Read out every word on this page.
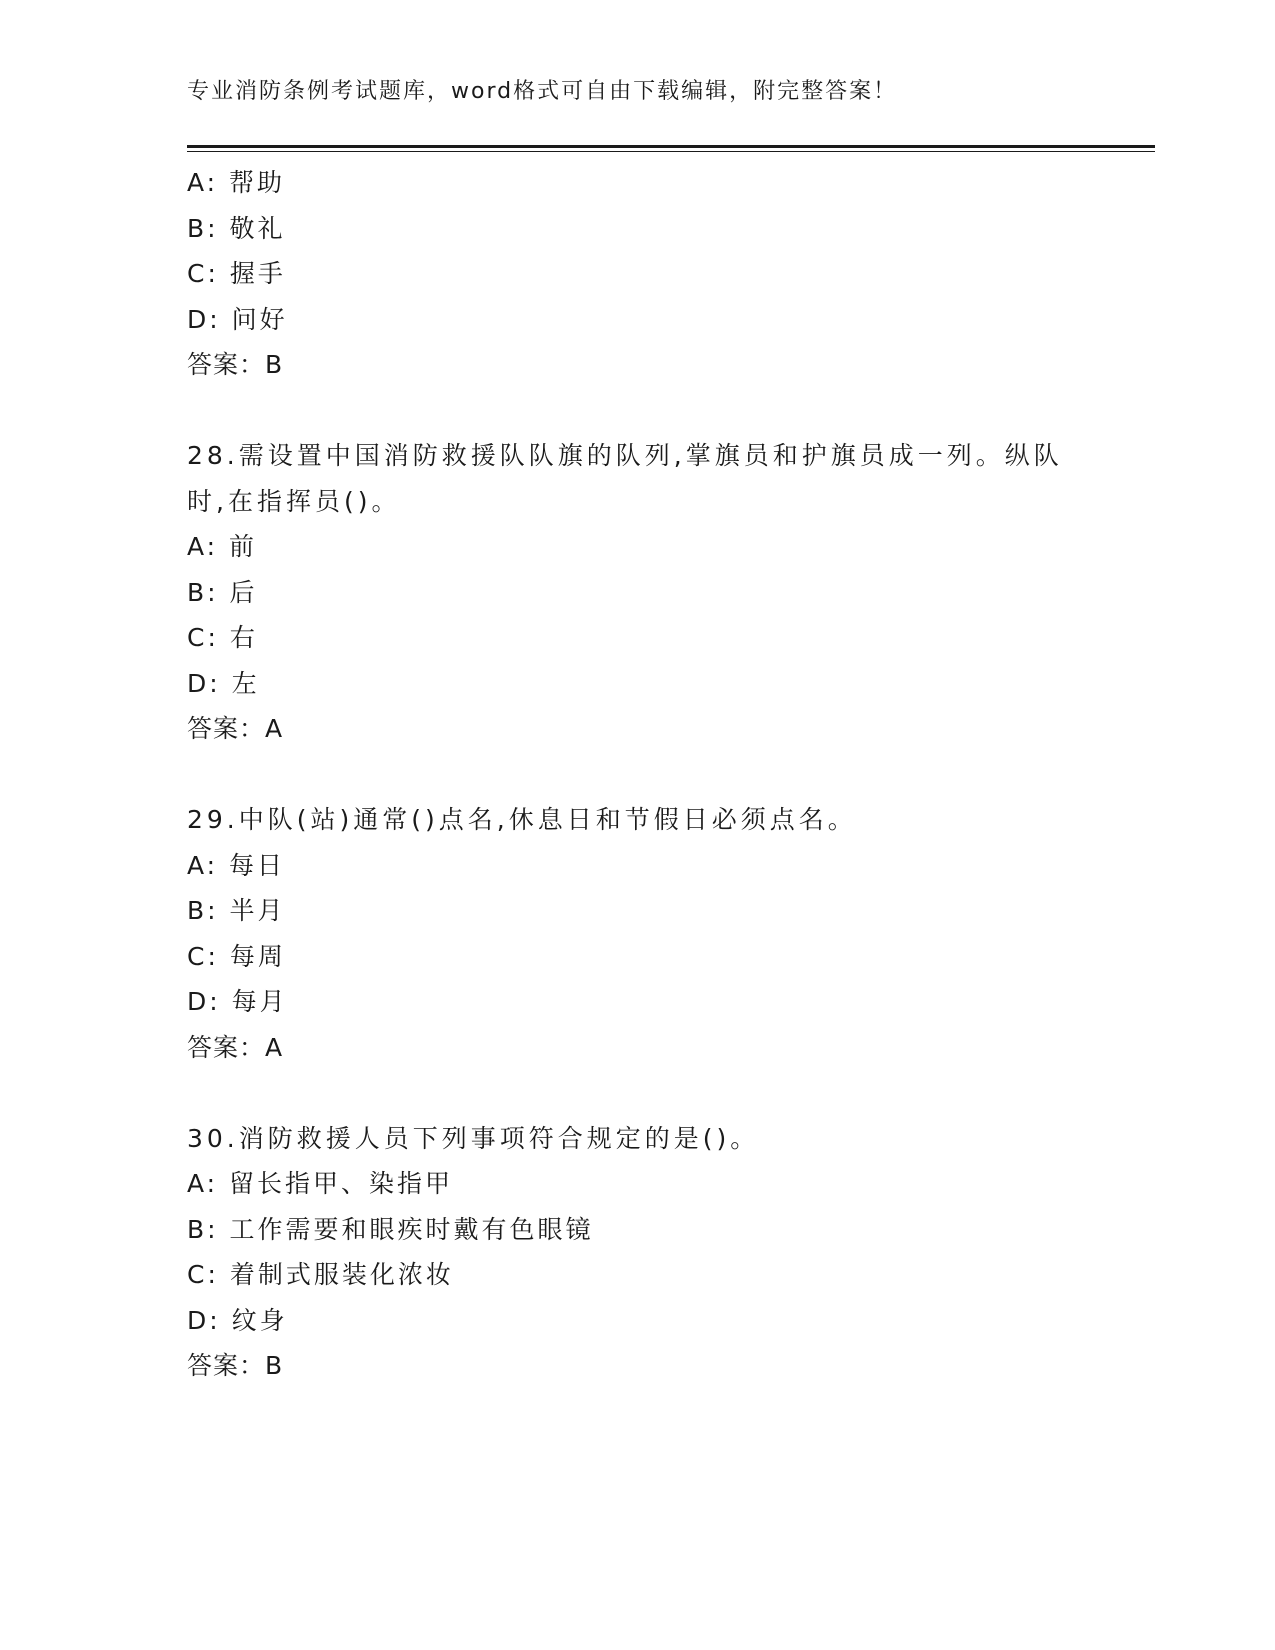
专业消防条例考试题库，word格式可自由下载编辑，附完整答案！
A: 帮助
B: 敬礼
C: 握手
D: 问好
答案：B
28.需设置中国消防救援队队旗的队列,掌旗员和护旗员成一列。纵队
时,在指挥员()。
A: 前
B: 后
C: 右
D: 左
答案：A
29.中队(站)通常()点名,休息日和节假日必须点名。
A: 每日
B: 半月
C: 每周
D: 每月
答案：A
30.消防救援人员下列事项符合规定的是()。
A: 留长指甲、染指甲
B: 工作需要和眼疾时戴有色眼镜
C: 着制式服装化浓妆
D: 纹身
答案：B
